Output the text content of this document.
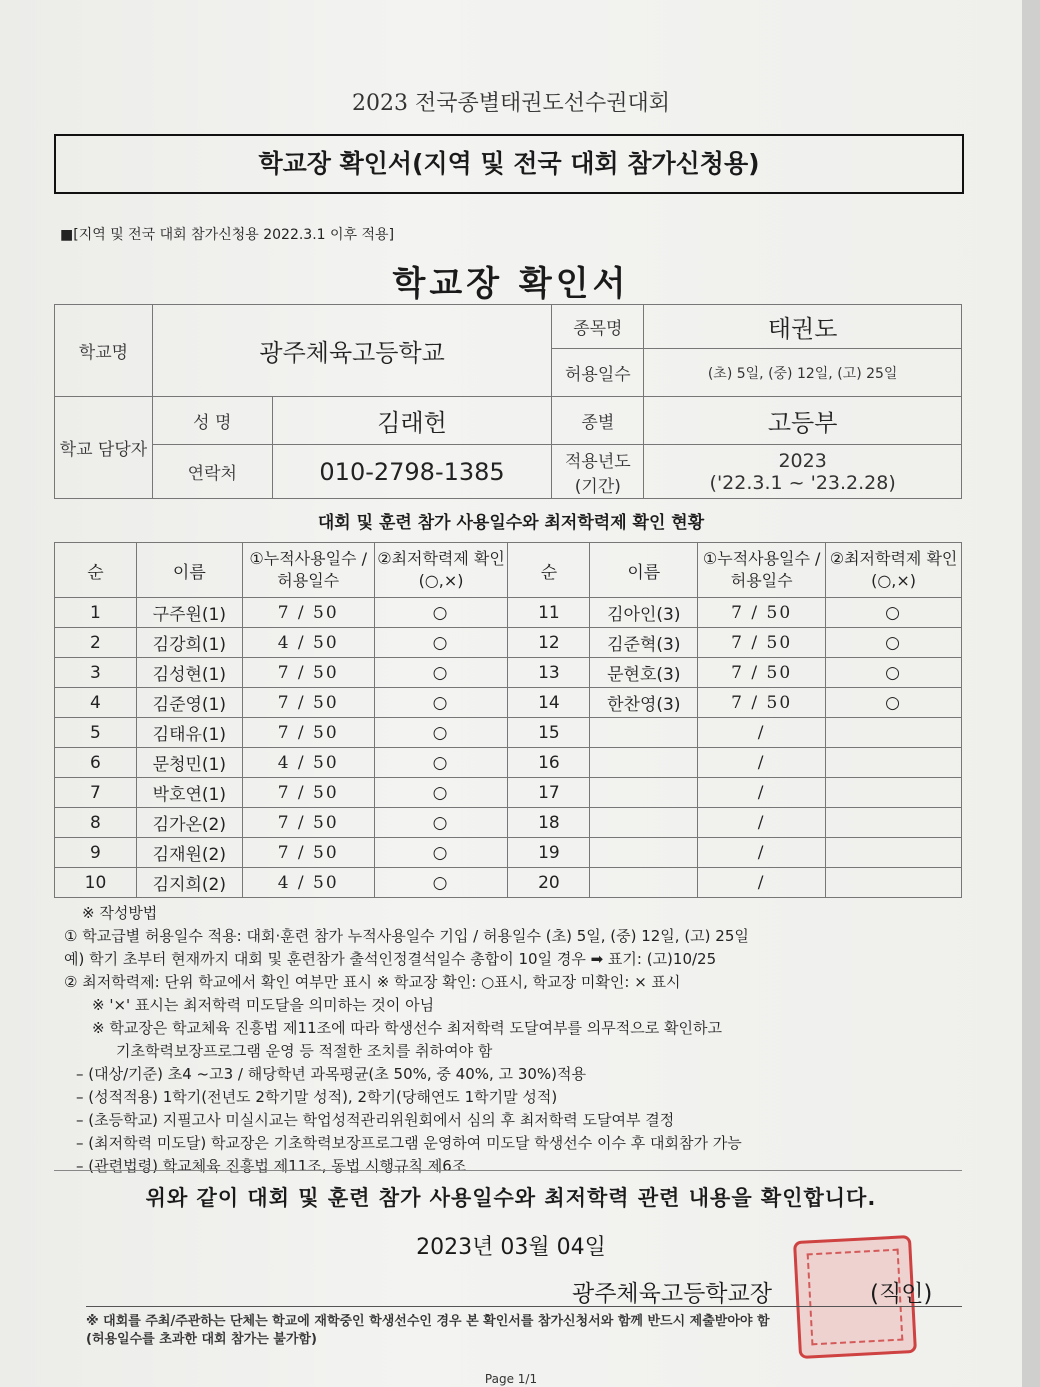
2023 전국종별태권도선수권대회
학교장 확인서(지역 및 전국 대회 참가신청용)
■[지역 및 전국 대회 참가신청용 2022.3.1 이후 적용]
학교장 확인서
학교명	광주체육고등학교		종목명	태권도
			허용일수	(초) 5일, (중) 12일, (고) 25일
학교 담당자	성 명	김래헌	종별	고등부
	연락처	010-2798-1385	적용년도 (기간)	2023
('22.3.1 ~ '23.2.28)
대회 및 훈련 참가 사용일수와 최저학력제 확인 현황
순	이름	①누적사용일수 /허용일수	②최저학력제 확인(○,×)	순	이름	①누적사용일수 /허용일수	②최저학력제 확인(○,×)
1	구주원(1)	7 / 50	○	11	김아인(3)	7 / 50	○
2	김강희(1)	4 / 50	○	12	김준혁(3)	7 / 50	○
3	김성현(1)	7 / 50	○	13	문현호(3)	7 / 50	○
4	김준영(1)	7 / 50	○	14	한찬영(3)	7 / 50	○
5	김태유(1)	7 / 50	○	15		/	
6	문청민(1)	4 / 50	○	16		/	
7	박호연(1)	7 / 50	○	17		/	
8	김가온(2)	7 / 50	○	18		/	
9	김재원(2)	7 / 50	○	19		/	
10	김지희(2)	4 / 50	○	20		/	
※ 작성방법
① 학교급별 허용일수 적용: 대회·훈련 참가 누적사용일수 기입 / 허용일수 (초) 5일, (중) 12일, (고) 25일
예) 학기 초부터 현재까지 대회 및 훈련참가 출석인정결석일수 총합이 10일 경우 ➡ 표기: (고)10/25
② 최저학력제: 단위 학교에서 확인 여부만 표시 ※ 학교장 확인: ○표시, 학교장 미확인: × 표시
※ '×' 표시는 최저학력 미도달을 의미하는 것이 아님
※ 학교장은 학교체육 진흥법 제11조에 따라 학생선수 최저학력 도달여부를 의무적으로 확인하고
기초학력보장프로그램 운영 등 적절한 조치를 취하여야 함
– (대상/기준) 초4 ~고3 / 해당학년 과목평균(초 50%, 중 40%, 고 30%)적용
– (성적적용) 1학기(전년도 2학기말 성적), 2학기(당해연도 1학기말 성적)
– (초등학교) 지필고사 미실시교는 학업성적관리위원회에서 심의 후 최저학력 도달여부 결정
– (최저학력 미도달) 학교장은 기초학력보장프로그램 운영하여 미도달 학생선수 이수 후 대회참가 가능
– (관련법령) 학교체육 진흥법 제11조, 동법 시행규칙 제6조
위와 같이 대회 및 훈련 참가 사용일수와 최저학력 관련 내용을 확인합니다.
2023년 03월 04일
광주체육고등학교장	(직인)
※ 대회를 주최/주관하는 단체는 학교에 재학중인 학생선수인 경우 본 확인서를 참가신청서와 함께 반드시 제출받아야 함
(허용일수를 초과한 대회 참가는 불가함)
Page 1/1
